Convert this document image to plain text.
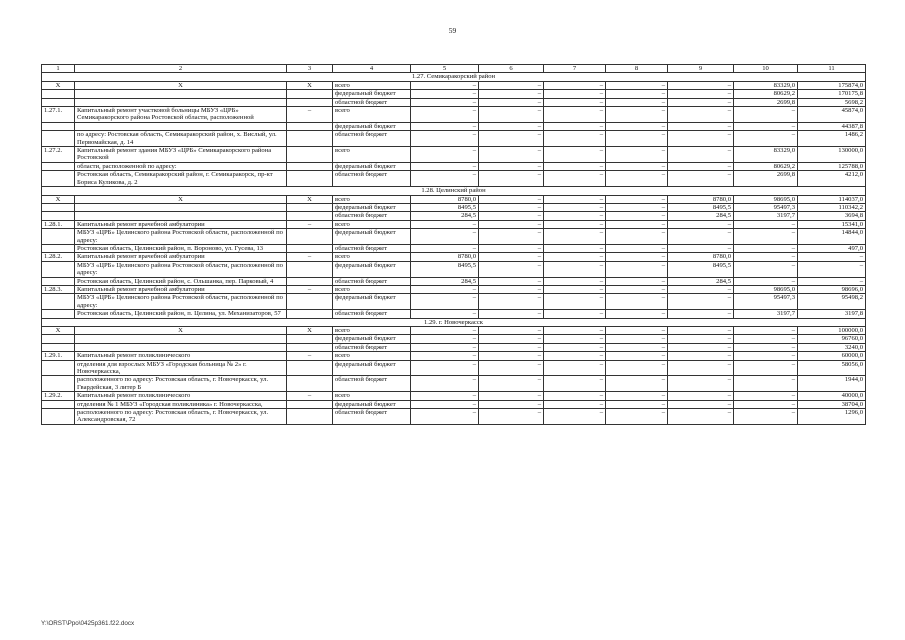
59
1	2	3	4	5	6	7	8	9	10	11
1.27. Семикаракорский район										
X	X	X	всего	–	–	–	–	–	83329,0	175874,0
			федеральный бюджет	–	–	–	–	–	80629,2	170175,8
			областной бюджет	–	–	–	–	–	2699,8	5698,2
1.27.1.	Капитальный ремонт участковой больницы МБУЗ «ЦРБ» Семикаракорского района Ростовской области, расположенной	–	всего	–	–	–	–	–	–	45874,0
			федеральный бюджет	–	–	–	–	–	–	44387,8
	по адресу: Ростовская область, Семикаракорский район, х. Вислый, ул. Первомайская, д. 14		областной бюджет	–	–	–	–	–	–	1486,2
1.27.2.	Капитальный ремонт здания МБУЗ «ЦРБ» Семикаракорского района Ростовской		всего	–	–	–	–	–	83329,0	130000,0
	области, расположенной по адресу:		федеральный бюджет	–	–	–	–	–	80629,2	125788,0
	Ростовская область, Семикаракорский район, г. Семикаракорск, пр-кт Бориса Куликова, д. 2		областной бюджет	–	–	–	–	–	2699,8	4212,0
1.28. Целинский район										
X	X	X	всего	8780,0	–	–	–	8780,0	98695,0	114037,0
			федеральный бюджет	8495,5	–	–	–	8495,5	95497,3	110342,2
			областной бюджет	284,5	–	–	–	284,5	3197,7	3694,8
1.28.1.	Капитальный ремонт врачебной амбулатории	–	всего	–	–	–	–	–	–	15341,0
	МБУЗ «ЦРБ» Целинского района Ростовской области, расположенной по адресу:		федеральный бюджет	–	–	–	–	–	–	14844,0
	Ростовская область, Целинский район, п. Вороново, ул. Гусева, 13		областной бюджет	–	–	–	–	–	–	497,0
1.28.2.	Капитальный ремонт врачебной амбулатории	–	всего	8780,0	–	–	–	8780,0	–	–
	МБУЗ «ЦРБ» Целинского района Ростовской области, расположенной по адресу:		федеральный бюджет	8495,5	–	–	–	8495,5	–	–
	Ростовская область, Целинский район, с. Ольшанка, пер. Парковый, 4		областной бюджет	284,5	–	–	–	284,5	–	–
1.28.3.	Капитальный ремонт врачебной амбулатории	–	всего	–	–	–	–	–	98695,0	98696,0
	МБУЗ «ЦРБ» Целинского района Ростовской области, расположенной по адресу:		федеральный бюджет	–	–	–	–	–	95497,3	95498,2
	Ростовская область, Целинский район, п. Целина, ул. Механизаторов, 57		областной бюджет	–	–	–	–	–	3197,7	3197,8
1.29. г. Новочеркасск										
X	X	X	всего	–	–	–	–	–	–	100000,0
			федеральный бюджет	–	–	–	–	–	–	96760,0
			областной бюджет	–	–	–	–	–	–	3240,0
1.29.1.	Капитальный ремонт поликлинического	–	всего	–	–	–	–	–	–	60000,0
	отделения для взрослых МБУЗ «Городская больница № 2» г. Новочеркасска,		федеральный бюджет	–	–	–	–	–	–	58056,0
	расположенного по адресу: Ростовская область, г. Новочеркасск, ул. Гвардейская, 3 литер Б		областной бюджет	–	–	–	–	–	–	1944,0
1.29.2.	Капитальный ремонт поликлинического	–	всего	–	–	–	–	–	–	40000,0
	отделения № 1 МБУЗ «Городская поликлиника» г. Новочеркасска,		федеральный бюджет	–	–	–	–	–	–	38704,0
	расположенного по адресу: Ростовская область, г. Новочеркасск, ул. Александровская, 72		областной бюджет	–	–	–	–	–	–	1296,0
Y:\ORST\Ppo\0425p361.f22.docx
